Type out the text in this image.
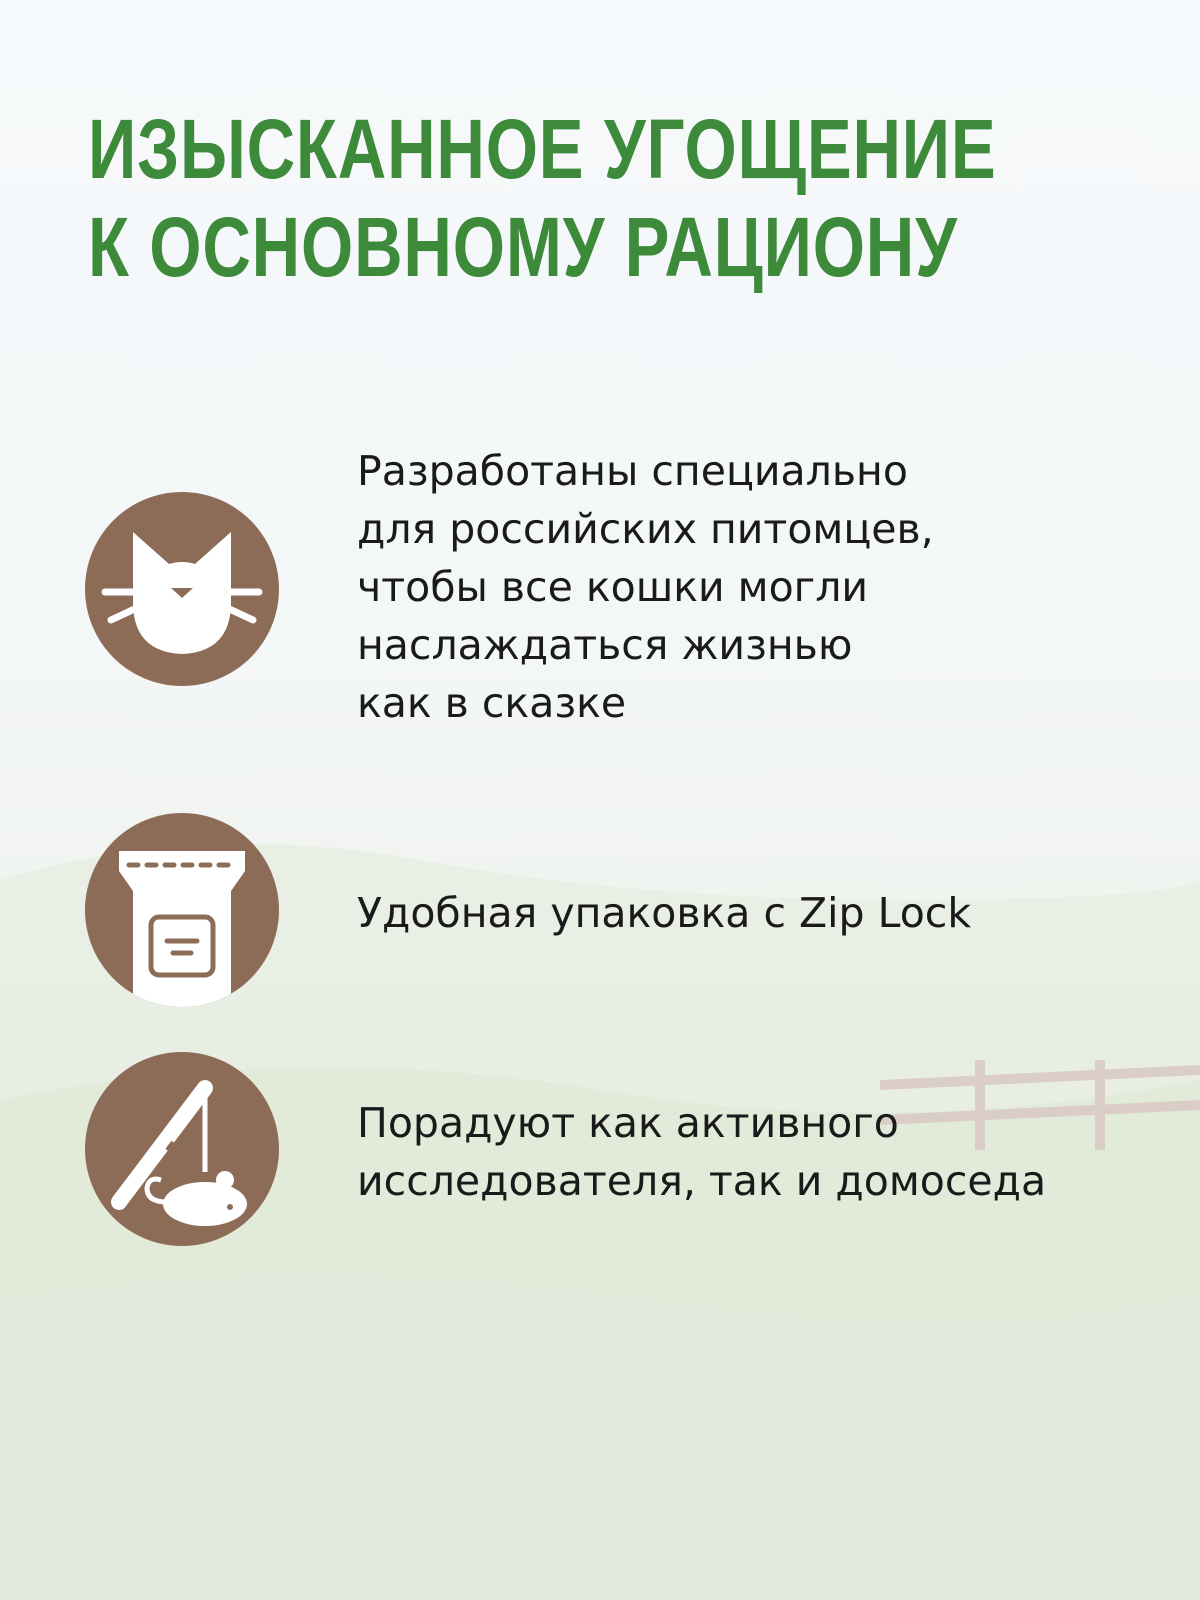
ИЗЫСКАННОЕ УГОЩЕНИЕ
К ОСНОВНОМУ РАЦИОНУ
Разработаны специально
для российских питомцев,
чтобы все кошки могли
наслаждаться жизнью
как в сказке
Удобная упаковка с Zip Lock
Порадуют как активного
исследователя, так и домоседа
